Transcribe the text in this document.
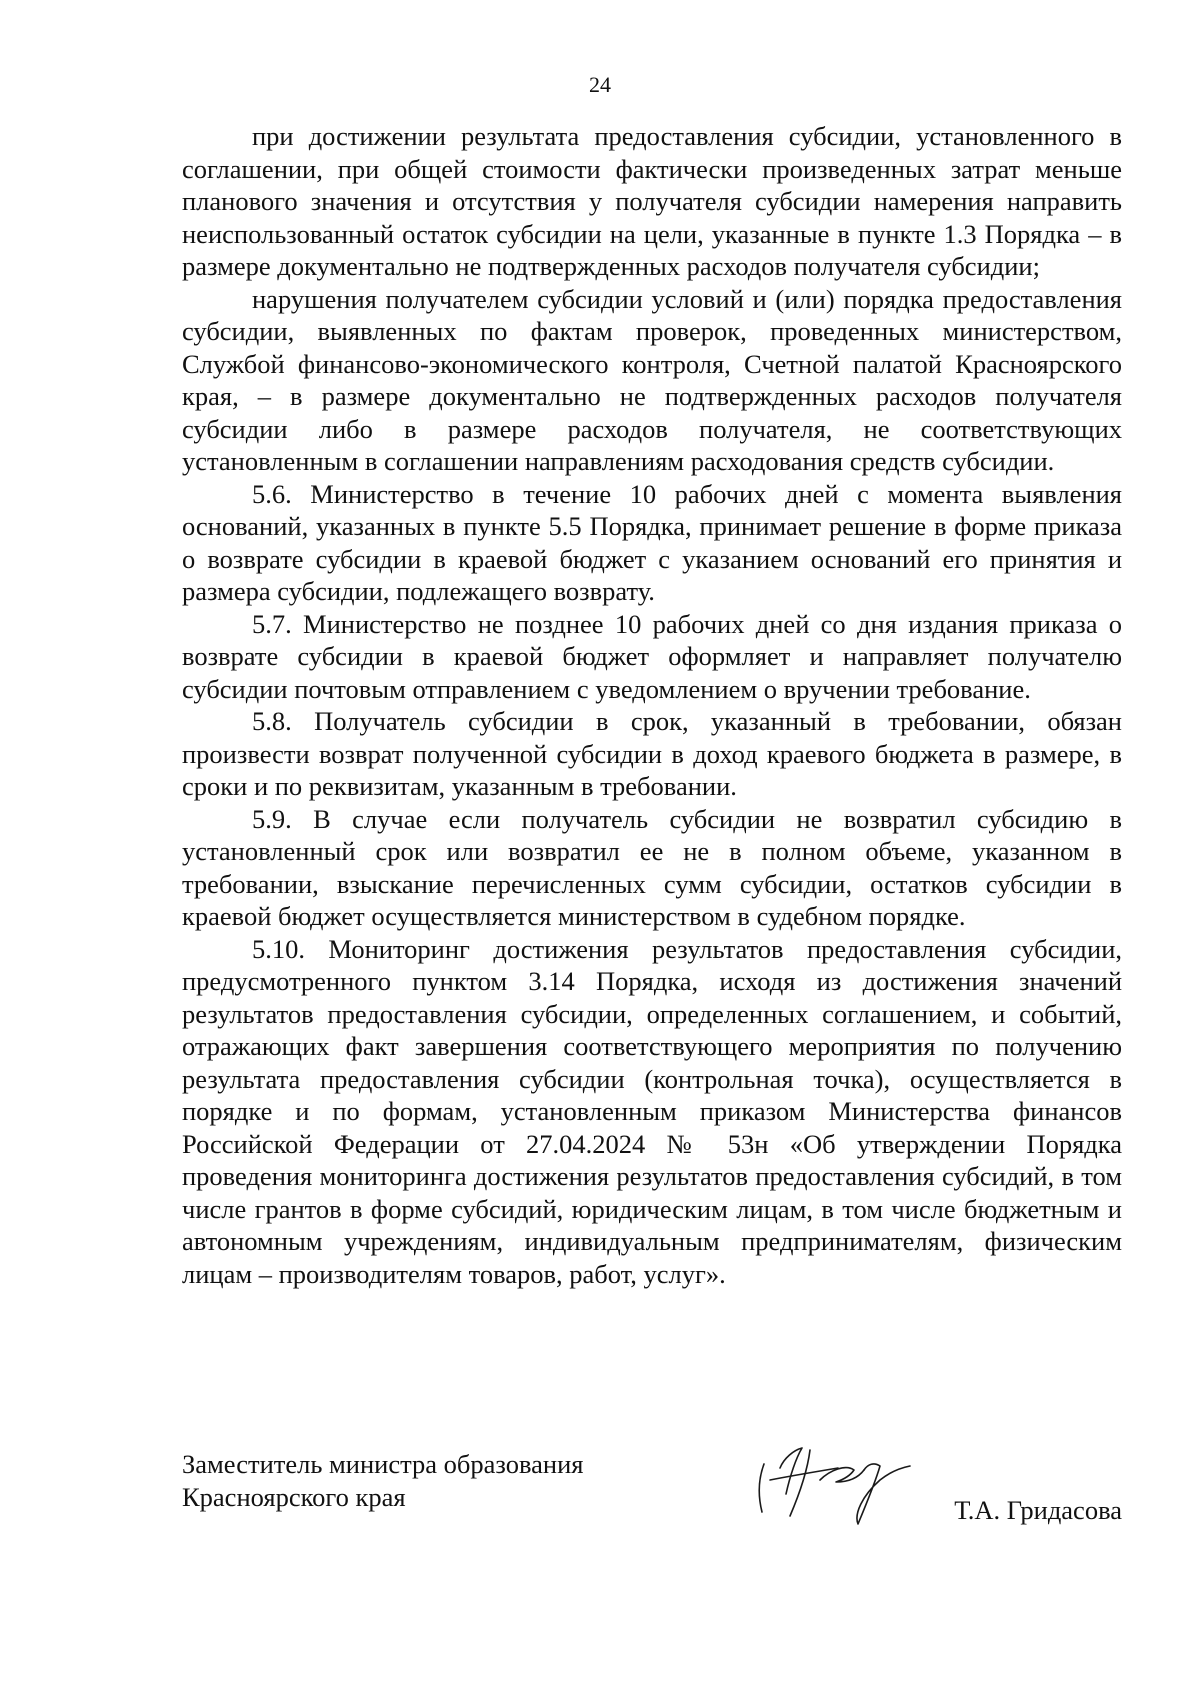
24

при достижении результата предоставления субсидии, установленного в соглашении, при общей стоимости фактически произведенных затрат меньше планового значения и отсутствия у получателя субсидии намерения направить неиспользованный остаток субсидии на цели, указанные в пункте 1.3 Порядка – в размере документально не подтвержденных расходов получателя субсидии;

нарушения получателем субсидии условий и (или) порядка предоставления субсидии, выявленных по фактам проверок, проведенных министерством, Службой финансово-экономического контроля, Счетной палатой Красноярского края, – в размере документально не подтвержденных расходов получателя субсидии либо в размере расходов получателя, не соответствующих установленным в соглашении направлениям расходования средств субсидии.

5.6. Министерство в течение 10 рабочих дней с момента выявления оснований, указанных в пункте 5.5 Порядка, принимает решение в форме приказа о возврате субсидии в краевой бюджет с указанием оснований его принятия и размера субсидии, подлежащего возврату.

5.7. Министерство не позднее 10 рабочих дней со дня издания приказа о возврате субсидии в краевой бюджет оформляет и направляет получателю субсидии почтовым отправлением с уведомлением о вручении требование.

5.8. Получатель субсидии в срок, указанный в требовании, обязан произвести возврат полученной субсидии в доход краевого бюджета в размере, в сроки и по реквизитам, указанным в требовании.

5.9. В случае если получатель субсидии не возвратил субсидию в установленный срок или возвратил ее не в полном объеме, указанном в требовании, взыскание перечисленных сумм субсидии, остатков субсидии в краевой бюджет осуществляется министерством в судебном порядке.

5.10. Мониторинг достижения результатов предоставления субсидии, предусмотренного пунктом 3.14 Порядка, исходя из достижения значений результатов предоставления субсидии, определенных соглашением, и событий, отражающих факт завершения соответствующего мероприятия по получению результата предоставления субсидии (контрольная точка), осуществляется в порядке и по формам, установленным приказом Министерства финансов Российской Федерации от 27.04.2024 № 53н «Об утверждении Порядка проведения мониторинга достижения результатов предоставления субсидий, в том числе грантов в форме субсидий, юридическим лицам, в том числе бюджетным и автономным учреждениям, индивидуальным предпринимателям, физическим лицам – производителям товаров, работ, услуг».

Заместитель министра образования
Красноярского края	Т.А. Гридасова
